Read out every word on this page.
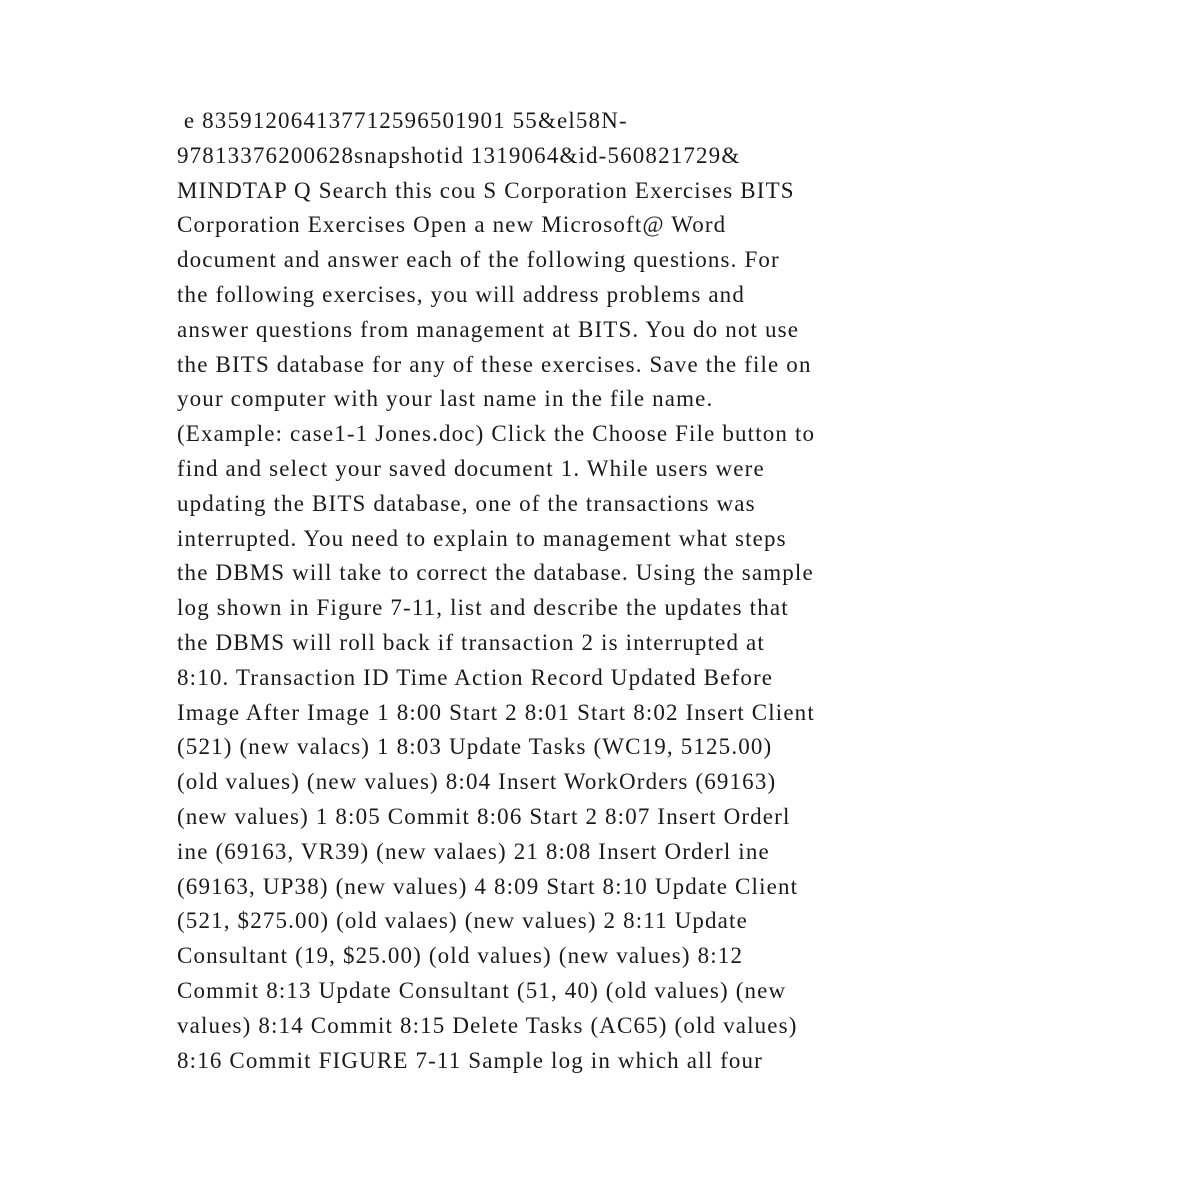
e 835912064137712596501901 55&el58N-
97813376200628snapshotid 1319064&id-560821729&
MINDTAP Q Search this cou S Corporation Exercises BITS
Corporation Exercises Open a new Microsoft@ Word
document and answer each of the following questions. For
the following exercises, you will address problems and
answer questions from management at BITS. You do not use
the BITS database for any of these exercises. Save the file on
your computer with your last name in the file name.
(Example: case1-1 Jones.doc) Click the Choose File button to
find and select your saved document 1. While users were
updating the BITS database, one of the transactions was
interrupted. You need to explain to management what steps
the DBMS will take to correct the database. Using the sample
log shown in Figure 7-11, list and describe the updates that
the DBMS will roll back if transaction 2 is interrupted at
8:10. Transaction ID Time Action Record Updated Before
Image After Image 1 8:00 Start 2 8:01 Start 8:02 Insert Client
(521) (new valacs) 1 8:03 Update Tasks (WC19, 5125.00)
(old values) (new values) 8:04 Insert WorkOrders (69163)
(new values) 1 8:05 Commit 8:06 Start 2 8:07 Insert Orderl
ine (69163, VR39) (new valaes) 21 8:08 Insert Orderl ine
(69163, UP38) (new values) 4 8:09 Start 8:10 Update Client
(521, $275.00) (old valaes) (new values) 2 8:11 Update
Consultant (19, $25.00) (old values) (new values) 8:12
Commit 8:13 Update Consultant (51, 40) (old values) (new
values) 8:14 Commit 8:15 Delete Tasks (AC65) (old values)
8:16 Commit FIGURE 7-11 Sample log in which all four
